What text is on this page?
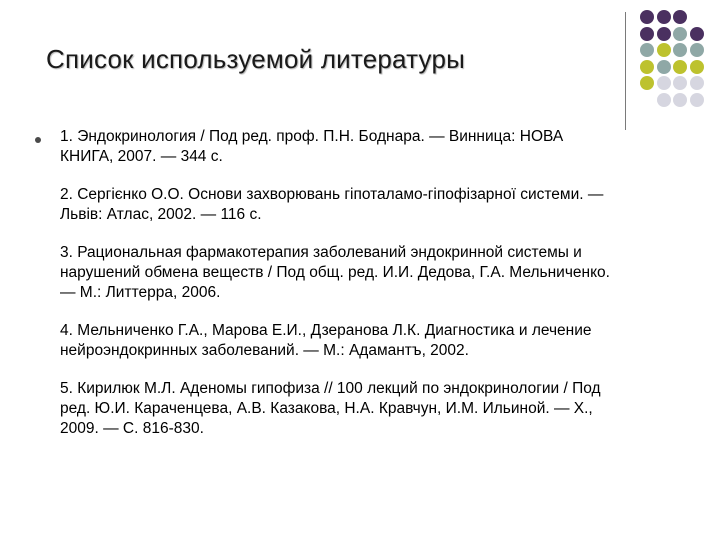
Список используемой литературы
1. Эндокринология / Под ред. проф. П.Н. Боднара. — Винница: НОВА
КНИГА, 2007. — 344 с.
2. Сергієнко О.О. Основи захворювань гіпоталамо-гіпофізарної системи. —
Львів: Атлас, 2002. — 116 с.
3. Рациональная фармакотерапия заболеваний эндокринной системы и
нарушений обмена веществ / Под общ. ред. И.И. Дедова, Г.А. Мельниченко.
— М.: Литтерра, 2006.
4. Мельниченко Г.А., Марова Е.И., Дзеранова Л.К. Диагностика и лечение
нейроэндокринных заболеваний. — М.: Адамантъ, 2002.
5. Кирилюк М.Л. Аденомы гипофиза // 100 лекций по эндокринологии / Под
ред. Ю.И. Караченцева, А.В. Казакова, Н.А. Кравчун, И.М. Ильиной. — Х.,
2009. — С. 816-830.
